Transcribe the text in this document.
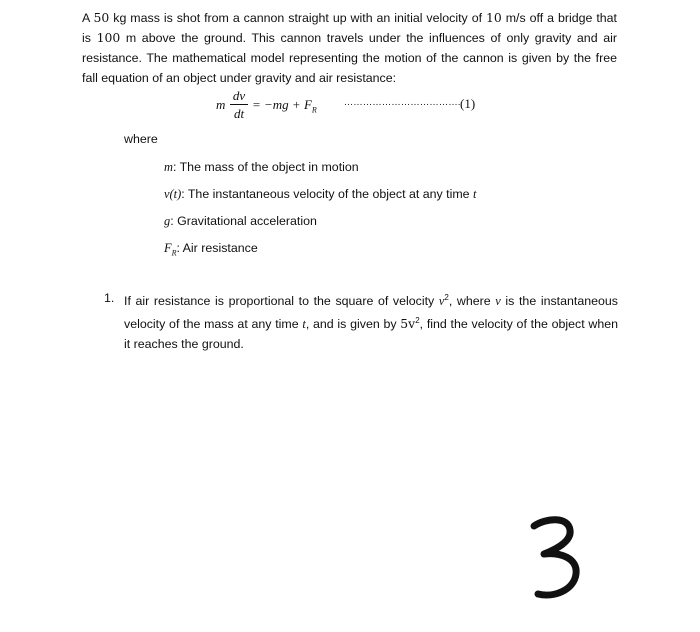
A 50 kg mass is shot from a cannon straight up with an initial velocity of 10 m/s off a bridge that is 100 m above the ground. This cannon travels under the influences of only gravity and air resistance. The mathematical model representing the motion of the cannon is given by the free fall equation of an object under gravity and air resistance:
m
dv
dt
= $-mg + F_R$
………………………………. (1)
where
m: The mass of the object in motion
v(t): The instantaneous velocity of the object at any time t
g: Gravitational acceleration
$F_R$: Air resistance
1. If air resistance is proportional to the square of velocity $v^2$, where v is the instantaneous velocity of the mass at any time t, and is given by $5v^2$, find the velocity of the object when it reaches the ground.
